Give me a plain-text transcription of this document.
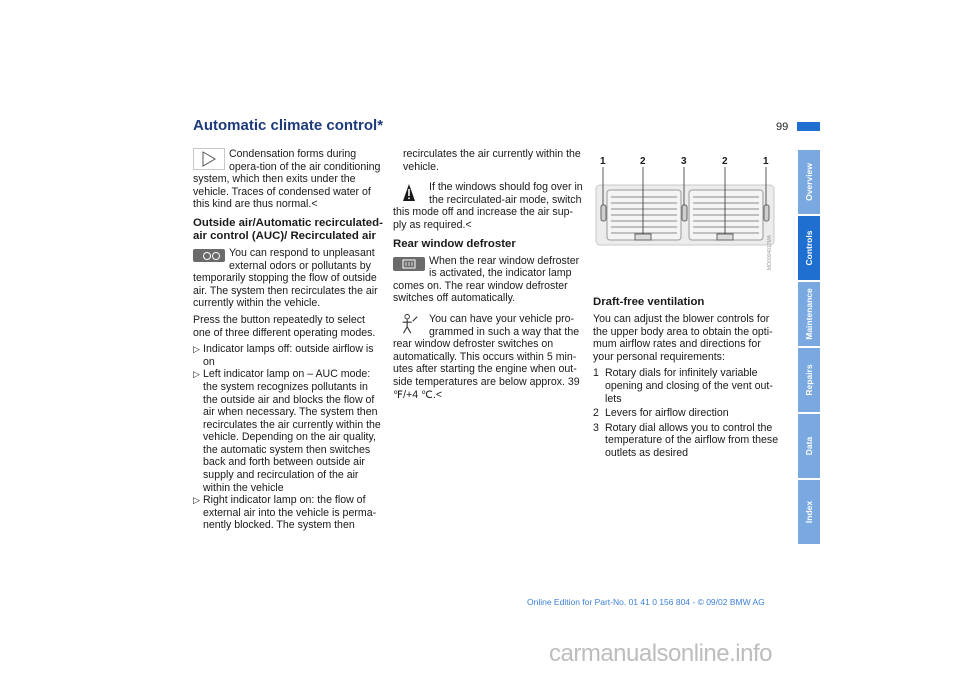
Automatic climate control*	99

Condensation forms during opera-tion of the air conditioning system, which then exits under the vehicle. Traces of condensed water of this kind are thus normal.<

Outside air/Automatic recirculated-air control (AUC)/ Recirculated air

You can respond to unpleasant external odors or pollutants by temporarily stopping the flow of outside air. The system then recirculates the air currently within the vehicle.

Press the button repeatedly to select one of three different operating modes.

▷ Indicator lamps off: outside airflow is on
▷ Left indicator lamp on – AUC mode: the system recognizes pollutants in the outside air and blocks the flow of air when necessary. The system then recirculates the air currently within the vehicle. Depending on the air quality, the automatic system then switches back and forth between outside air supply and recirculation of the air within the vehicle
▷ Right indicator lamp on: the flow of external air into the vehicle is perma-nently blocked. The system then

recirculates the air currently within the vehicle.

If the windows should fog over in the recirculated-air mode, switch this mode off and increase the air sup-ply as required.<

Rear window defroster

When the rear window defroster is activated, the indicator lamp comes on. The rear window defroster switches off automatically.

You can have your vehicle pro-grammed in such a way that the rear window defroster switches on automatically. This occurs within 5 min-utes after starting the engine when out-side temperatures are below approx. 39 ℉/+4 ℃.<

MO0004017MA
1	2	3	2	1
Draft-free ventilation

You can adjust the blower controls for the upper body area to obtain the opti-mum airflow rates and directions for your personal requirements:

1 Rotary dials for infinitely variable opening and closing of the vent out-lets
2 Levers for airflow direction
3 Rotary dial allows you to control the temperature of the airflow from these outlets as desired
Overview
Controls
Maintenance
Repairs
Data
Index
Online Edition for Part-No. 01 41 0 156 804 - © 09/02 BMW AG
carmanualsonline.info
